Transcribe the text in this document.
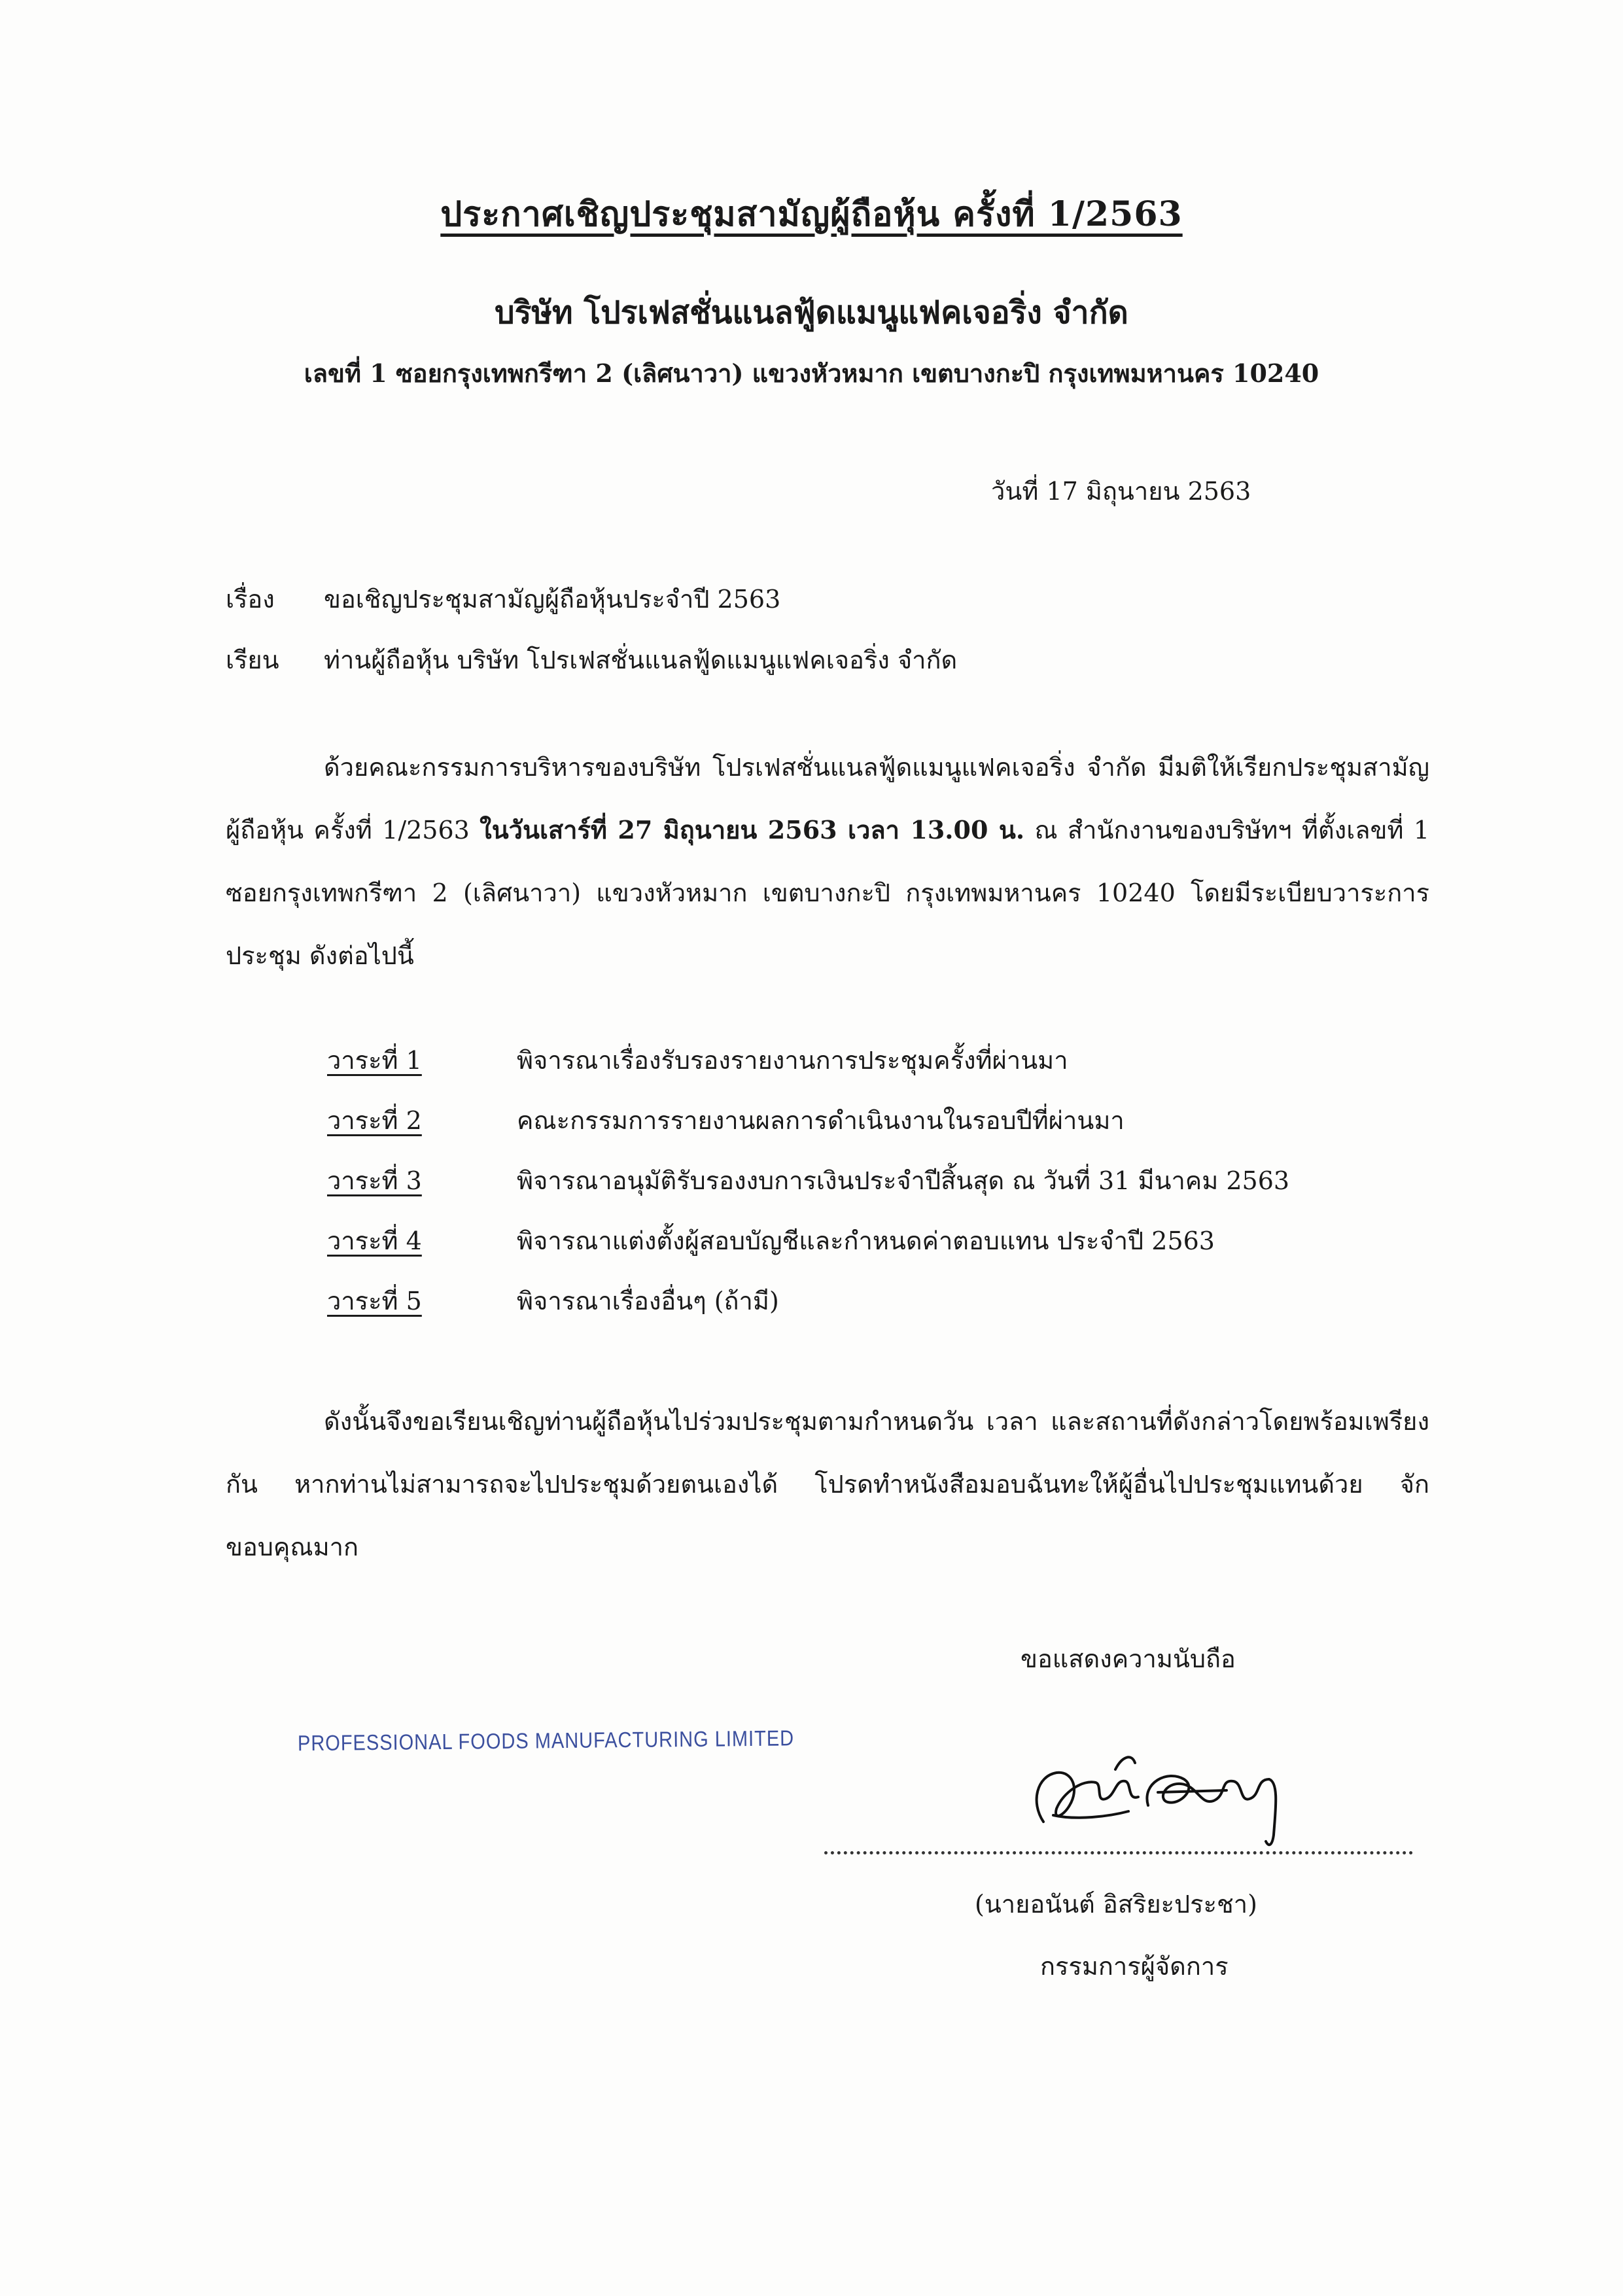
ประกาศเชิญประชุมสามัญผู้ถือหุ้น ครั้งที่ 1/2563
บริษัท โปรเฟสชั่นแนลฟู้ดแมนูแฟคเจอริ่ง จำกัด
เลขที่ 1 ซอยกรุงเทพกรีฑา 2 (เลิศนาวา) แขวงหัวหมาก เขตบางกะปิ กรุงเทพมหานคร 10240
วันที่ 17 มิถุนายน 2563
เรื่อง	ขอเชิญประชุมสามัญผู้ถือหุ้นประจำปี 2563
เรียน	ท่านผู้ถือหุ้น บริษัท โปรเฟสชั่นแนลฟู้ดแมนูแฟคเจอริ่ง จำกัด
ด้วยคณะกรรมการบริหารของบริษัท โปรเฟสชั่นแนลฟู้ดแมนูแฟคเจอริ่ง จำกัด มีมติให้เรียกประชุมสามัญผู้ถือหุ้น ครั้งที่ 1/2563 ในวันเสาร์ที่ 27 มิถุนายน 2563 เวลา 13.00 น. ณ สำนักงานของบริษัทฯ ที่ตั้งเลขที่ 1 ซอยกรุงเทพกรีฑา 2 (เลิศนาวา) แขวงหัวหมาก เขตบางกะปิ กรุงเทพมหานคร 10240 โดยมีระเบียบวาระการประชุม ดังต่อไปนี้
วาระที่ 1	พิจารณาเรื่องรับรองรายงานการประชุมครั้งที่ผ่านมา
วาระที่ 2	คณะกรรมการรายงานผลการดำเนินงานในรอบปีที่ผ่านมา
วาระที่ 3	พิจารณาอนุมัติรับรองงบการเงินประจำปีสิ้นสุด ณ วันที่ 31 มีนาคม 2563
วาระที่ 4	พิจารณาแต่งตั้งผู้สอบบัญชีและกำหนดค่าตอบแทน ประจำปี 2563
วาระที่ 5	พิจารณาเรื่องอื่นๆ (ถ้ามี)
ดังนั้นจึงขอเรียนเชิญท่านผู้ถือหุ้นไปร่วมประชุมตามกำหนดวัน เวลา และสถานที่ดังกล่าวโดยพร้อมเพรียงกัน หากท่านไม่สามารถจะไปประชุมด้วยตนเองได้ โปรดทำหนังสือมอบฉันทะให้ผู้อื่นไปประชุมแทนด้วย จักขอบคุณมาก
ขอแสดงความนับถือ
PROFESSIONAL FOODS MANUFACTURING LIMITED
(นายอนันต์ อิสริยะประชา)
กรรมการผู้จัดการ
